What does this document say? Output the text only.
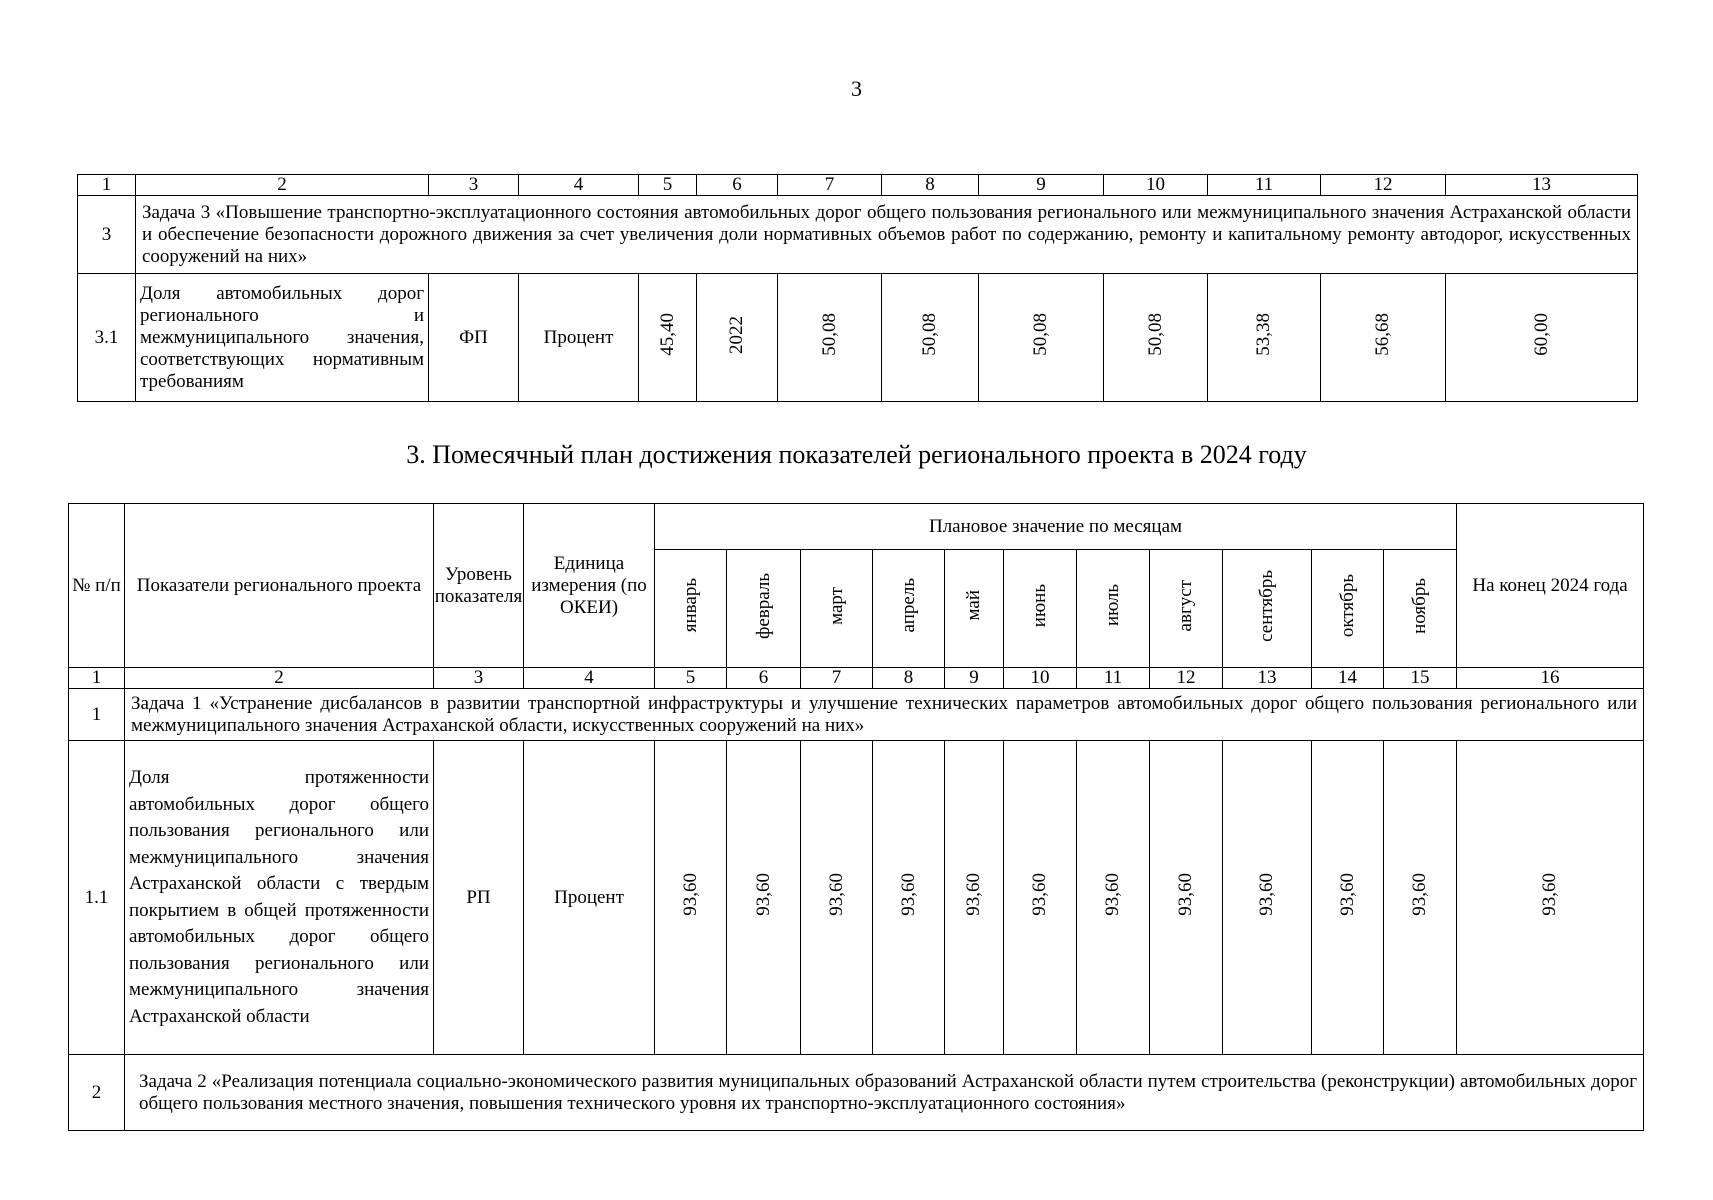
3
1	2	3	4	5	6	7	8	9	10	11	12	13
3	Задача 3 «Повышение транспортно-эксплуатационного состояния автомобильных дорог общего пользования регионального или межмуниципального значения Астраханской области и обеспечение безопасности дорожного движения за счет увеличения доли нормативных объемов работ по содержанию, ремонту и капитальному ремонту автодорог, искусственных сооружений на них»											
3.1	Доля автомобильных дорог регионального и межмуниципального значения, соответствующих нормативным требованиям	ФП	Процент	45,40	2022	50,08	50,08	50,08	50,08	53,38	56,68	60,00
3. Помесячный план достижения показателей регионального проекта в 2024 году
№ п/п	Показатели регионального проекта	Уровень показателя	Единица измерения (по ОКЕИ)	Плановое значение по месяцам											На конец 2024 года
				январь	февраль	март	апрель	май	июнь	июль	август	сентябрь	октябрь	ноябрь	
1	2	3	4	5	6	7	8	9	10	11	12	13	14	15	16
1	Задача 1 «Устранение дисбалансов в развитии транспортной инфраструктуры и улучшение технических параметров автомобильных дорог общего пользования регионального или межмуниципального значения Астраханской области, искусственных сооружений на них»														
1.1	Доля протяженности автомобильных дорог общего пользования регионального или межмуниципального значения Астраханской области с твердым покрытием в общей протяженности автомобильных дорог общего пользования регионального или межмуниципального значения Астраханской области	РП	Процент	93,60	93,60	93,60	93,60	93,60	93,60	93,60	93,60	93,60	93,60	93,60	93,60
2	Задача 2 «Реализация потенциала социально-экономического развития муниципальных образований Астраханской области путем строительства (реконструкции) автомобильных дорог общего пользования местного значения, повышения технического уровня их транспортно-эксплуатационного состояния»														
